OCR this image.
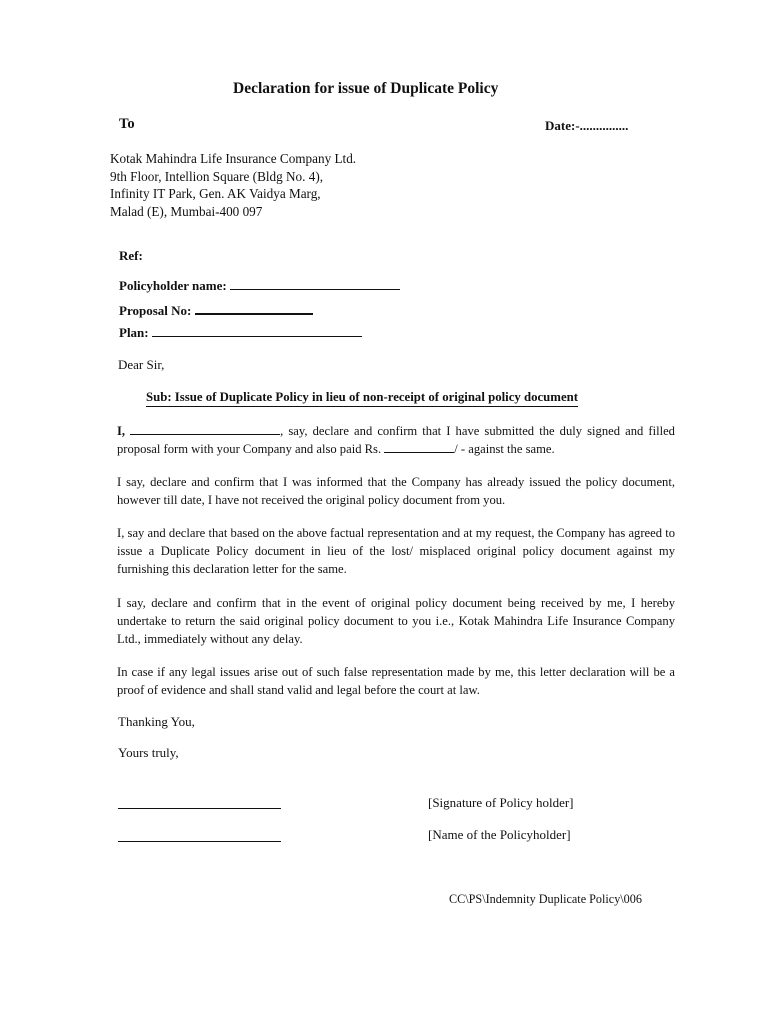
Declaration for issue of Duplicate Policy
To	Date:-...............
Kotak Mahindra Life Insurance Company Ltd.
9th Floor, Intellion Square (Bldg No. 4),
Infinity IT Park, Gen. AK Vaidya Marg,
Malad (E), Mumbai-400 097
Ref:
Policyholder name:
Proposal No:
Plan:
Dear Sir,
Sub: Issue of Duplicate Policy in lieu of non-receipt of original policy document
I,	, say, declare and confirm that I have submitted the duly signed and filled proposal form with your Company and also paid Rs.	/ - against the same.
I say, declare and confirm that I was informed that the Company has already issued the policy document, however till date, I have not received the original policy document from you.
I, say and declare that based on the above factual representation and at my request, the Company has agreed to issue a Duplicate Policy document in lieu of the lost/ misplaced original policy document against my furnishing this declaration letter for the same.
I say, declare and confirm that in the event of original policy document being received by me, I hereby undertake to return the said original policy document to you i.e., Kotak Mahindra Life Insurance Company Ltd., immediately without any delay.
In case if any legal issues arise out of such false representation made by me, this letter declaration will be a proof of evidence and shall stand valid and legal before the court at law.
Thanking You,
Yours truly,
[Signature of Policy holder]
[Name of the Policyholder]
CC\PS\Indemnity Duplicate Policy\006
